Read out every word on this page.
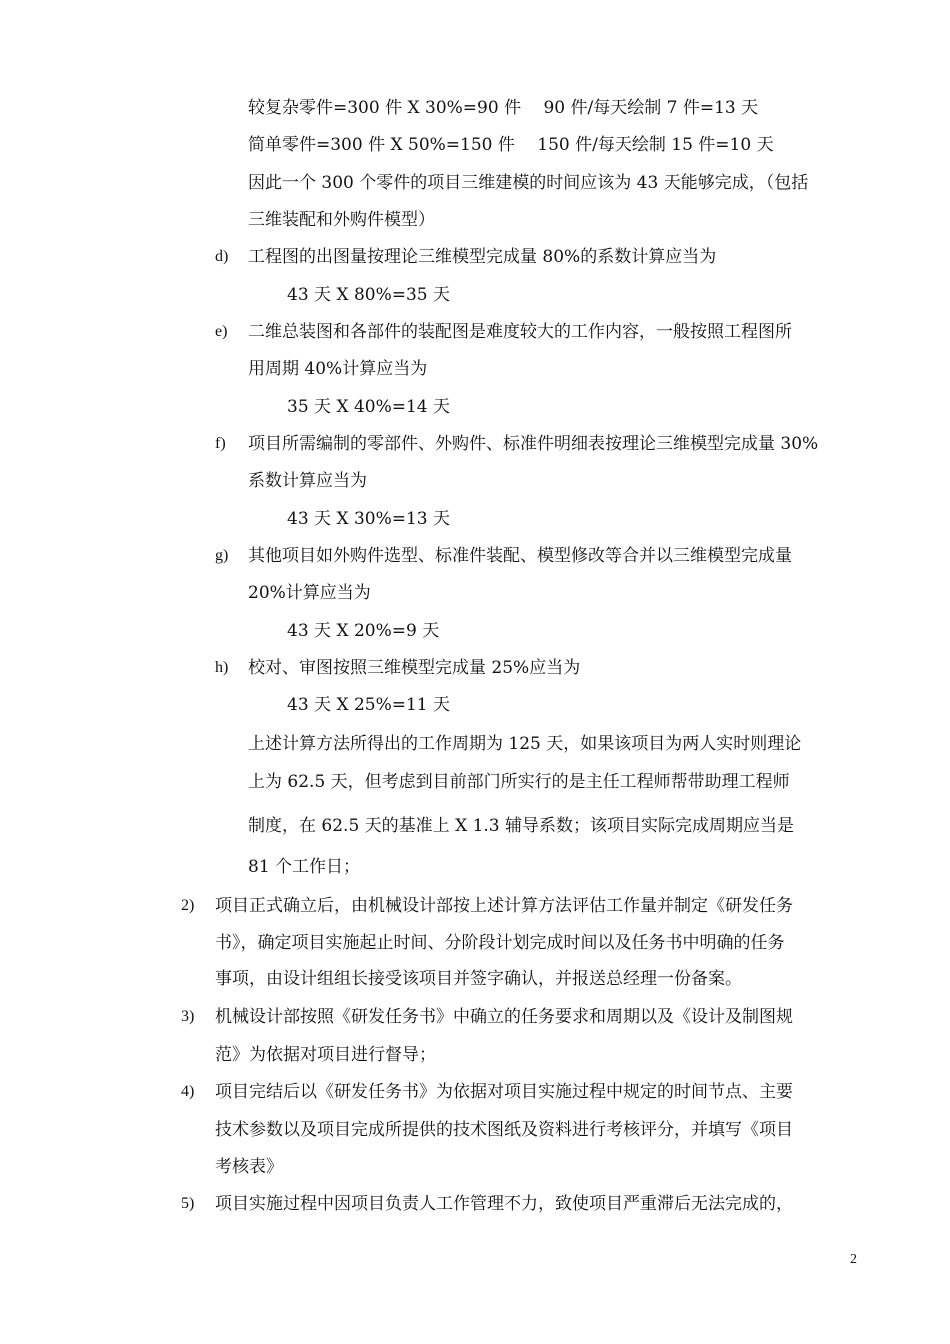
较复杂零件=300 件 X 30%=90 件　 90 件/每天绘制 7 件=13 天
简单零件=300 件 X 50%=150 件　 150 件/每天绘制 15 件=10 天
因此一个 300 个零件的项目三维建模的时间应该为 43 天能够完成，（包括
三维装配和外购件模型）
d) 工程图的出图量按理论三维模型完成量 80%的系数计算应当为
43 天 X 80%=35 天
e) 二维总装图和各部件的装配图是难度较大的工作内容，一般按照工程图所
用周期 40%计算应当为
35 天 X 40%=14 天
f) 项目所需编制的零部件、外购件、标准件明细表按理论三维模型完成量 30%
系数计算应当为
43 天 X 30%=13 天
g) 其他项目如外购件选型、标准件装配、模型修改等合并以三维模型完成量
20%计算应当为
43 天 X 20%=9 天
h) 校对、审图按照三维模型完成量 25%应当为
43 天 X 25%=11 天
上述计算方法所得出的工作周期为 125 天，如果该项目为两人实时则理论
上为 62.5 天，但考虑到目前部门所实行的是主任工程师帮带助理工程师
制度，在 62.5 天的基准上 X 1.3 辅导系数；该项目实际完成周期应当是
81 个工作日；
2) 项目正式确立后，由机械设计部按上述计算方法评估工作量并制定《研发任务
书》，确定项目实施起止时间、分阶段计划完成时间以及任务书中明确的任务
事项，由设计组组长接受该项目并签字确认，并报送总经理一份备案。
3) 机械设计部按照《研发任务书》中确立的任务要求和周期以及《设计及制图规
范》为依据对项目进行督导；
4) 项目完结后以《研发任务书》为依据对项目实施过程中规定的时间节点、主要
技术参数以及项目完成所提供的技术图纸及资料进行考核评分，并填写《项目
考核表》
5) 项目实施过程中因项目负责人工作管理不力，致使项目严重滞后无法完成的，
2
